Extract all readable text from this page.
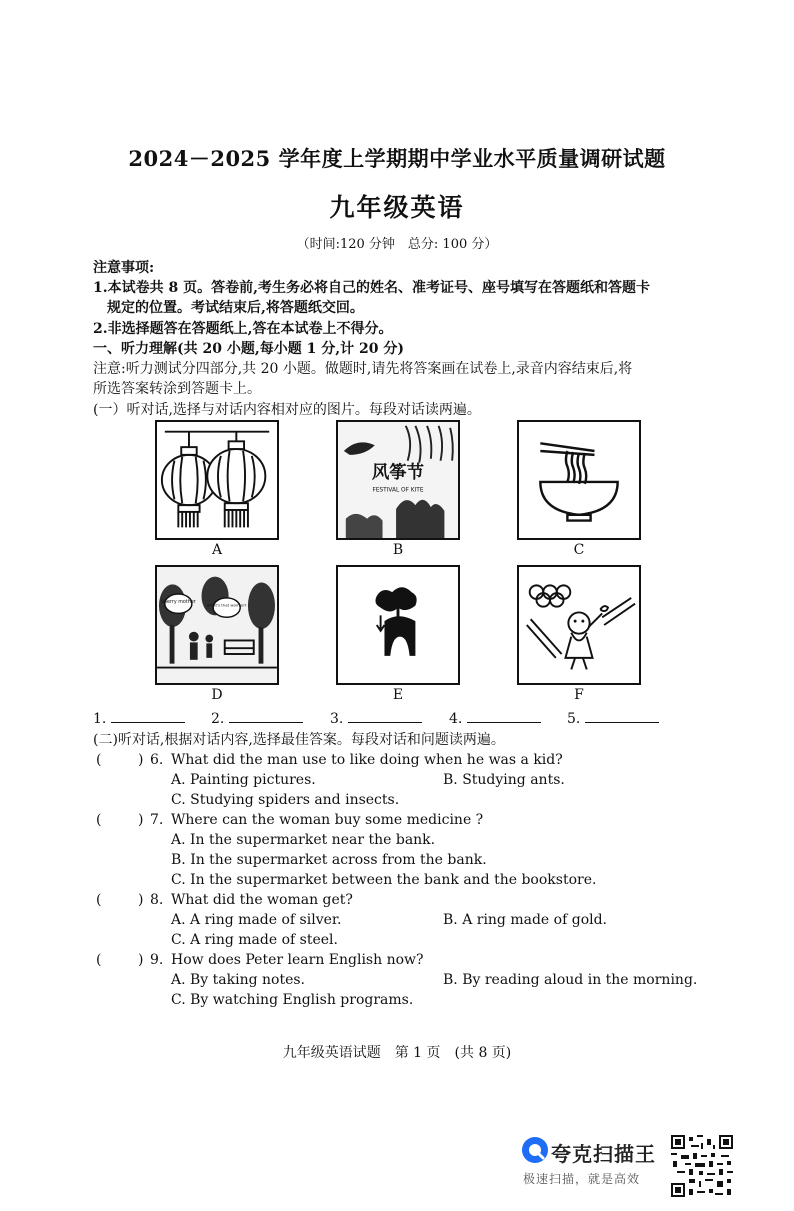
2024－2025 学年度上学期期中学业水平质量调研试题
九年级英语
（时间:120 分钟　总分: 100 分）
注意事项:
1.本试卷共 8 页。答卷前,考生务必将自己的姓名、准考证号、座号填写在答题纸和答题卡
规定的位置。考试结束后,将答题纸交回。
2.非选择题答在答题纸上,答在本试卷上不得分。
一、听力理解(共 20 小题,每小题 1 分,计 20 分)
注意:听力测试分四部分,共 20 小题。做题时,请先将答案画在试卷上,录音内容结束后,将
所选答案转涂到答题卡上。
(一）听对话,选择与对话内容相对应的图片。每段对话读两遍。
A
风筝节
FESTIVAL OF KITE
B	C
Sherry mother
What's that woman?
D	E	F
1.	2.	3.	4.	5.
(二)听对话,根据对话内容,选择最佳答案。每段对话和问题读两遍。
(	) 6. What did the man use to like doing when he was a kid?
A. Painting pictures.	B. Studying ants.
C. Studying spiders and insects.
(	) 7. Where can the woman buy some medicine ?
A. In the supermarket near the bank.
B. In the supermarket across from the bank.
C. In the supermarket between the bank and the bookstore.
(	) 8. What did the woman get?
A. A ring made of silver.	B. A ring made of gold.
C. A ring made of steel.
(	) 9. How does Peter learn English now?
A. By taking notes.	B. By reading aloud in the morning.
C. By watching English programs.
九年级英语试题　第 1 页　(共 8 页)
夸克扫描王
极速扫描，就是高效
